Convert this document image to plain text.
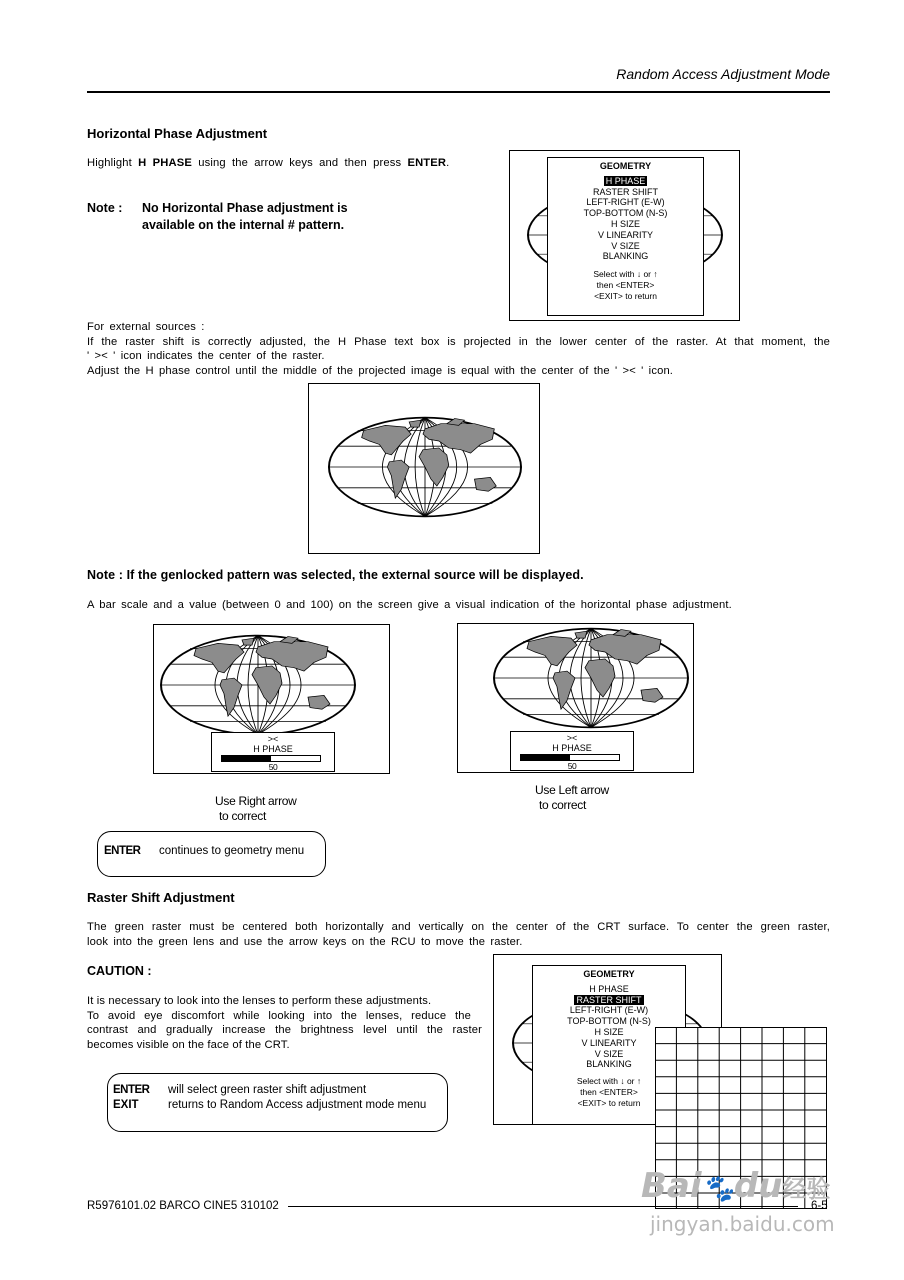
Random Access Adjustment Mode
Horizontal Phase Adjustment
Highlight H PHASE using the arrow keys and then press ENTER.
Note : No Horizontal Phase adjustment is
available on the internal # pattern.
GEOMETRY
H PHASE
RASTER SHIFT
LEFT-RIGHT (E-W)
TOP-BOTTOM (N-S)
H SIZE
V LINEARITY
V SIZE
BLANKING
Select with ↓ or ↑
then <ENTER>
<EXIT> to return
For external sources :
If the raster shift is correctly adjusted, the H Phase text box is projected in the lower center of the raster. At that moment, the
' >< ' icon indicates the center of the raster.
Adjust the H phase control until the middle of the projected image is equal with the center of the ' >< ' icon.
Note : If the genlocked pattern was selected, the external source will be displayed.
A bar scale and a value (between 0 and 100) on the screen give a visual indication of the horizontal phase adjustment.
><
H PHASE
50
Use Right arrow
to correct
><
H PHASE
50
Use Left arrow
to correct
ENTER continues to geometry menu
Raster Shift Adjustment
The green raster must be centered both horizontally and vertically on the center of the CRT surface. To center the green raster,
look into the green lens and use the arrow keys on the RCU to move the raster.
CAUTION :
It is necessary to look into the lenses to perform these adjustments.
To avoid eye discomfort while looking into the lenses, reduce the
contrast and gradually increase the brightness level until the raster
becomes visible on the face of the CRT.
ENTER will select green raster shift adjustment
EXIT	returns to Random Access adjustment mode menu
GEOMETRY
H PHASE
RASTER SHIFT
LEFT-RIGHT (E-W)
TOP-BOTTOM (N-S)
H SIZE
V LINEARITY
V SIZE
BLANKING
Select with ↓ or ↑
then <ENTER>
<EXIT> to return
R5976101.02 BARCO CINE5 310102	6-5
Bai🐾du经验
jingyan.baidu.com
